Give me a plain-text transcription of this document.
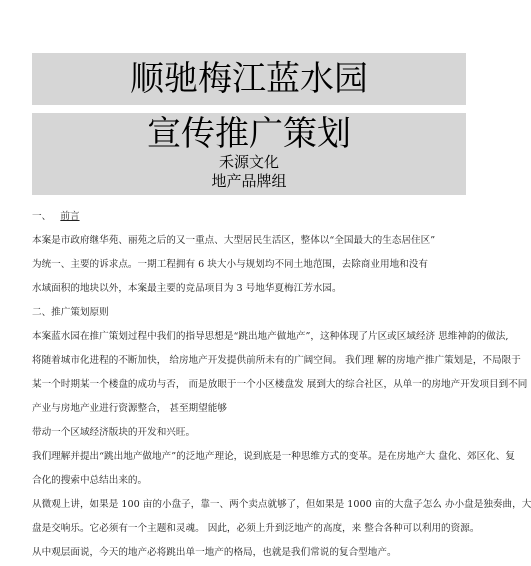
顺驰梅江蓝水园
宣传推广策划
禾源文化
地产品牌组
一、 前言
本案是市政府继华苑、丽苑之后的又一重点、大型居民生活区，整体以“全国最大的生态居住区”
为统一、主要的诉求点。一期工程拥有 6 块大小与规划均不同土地范围，去除商业用地和没有
水域面积的地块以外，本案最主要的竞品项目为 3 号地华夏梅江芳水园。
二、推广策划原则
本案蓝水园在推广策划过程中我们的指导思想是“跳出地产做地产”，这种体现了片区或区域经济 思维神韵的做法,
将随着城市化进程的不断加快， 给房地产开发提供前所未有的广阔空间。 我们理 解的房地产推广策划是，不局限于
某一个时期某一个楼盘的成功与否， 而是放眼于一个小区楼盘发 展到大的综合社区，从单一的房地产开发项目到不同
产业与房地产业进行资源整合， 甚至期望能够
带动一个区域经济版块的开发和兴旺。
我们理解并提出“跳出地产做地产”的泛地产理论，说到底是一种思维方式的变革。是在房地产大 盘化、郊区化、复
合化的搜索中总结出来的。
从微观上讲，如果是 100 亩的小盘子，靠一、两个卖点就够了，但如果是 1000 亩的大盘子怎么 办小盘是独奏曲，大
盘是交响乐。它必须有一个主题和灵魂。 因此，必须上升到泛地产的高度，来 整合各种可以利用的资源。
从中观层面说，今天的地产必将跳出单一地产的格局，也就是我们常说的复合型地产。
